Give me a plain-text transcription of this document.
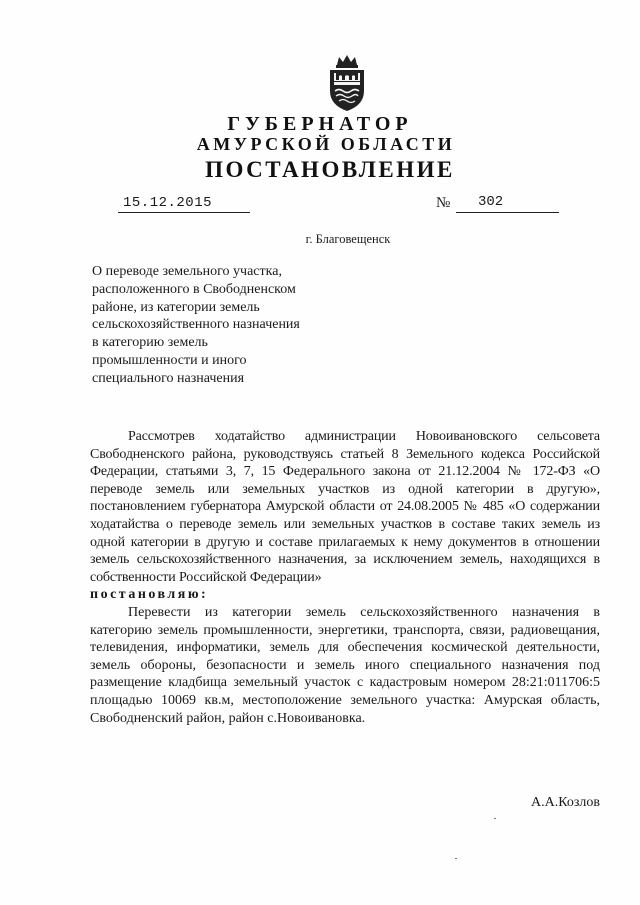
ГУБЕРНАТОР
АМУРСКОЙ ОБЛАСТИ
ПОСТАНОВЛЕНИЕ
15.12.2015	№ 302
г. Благовещенск
О переводе земельного участка,
расположенного в Свободненском
районе, из категории земель
сельскохозяйственного назначения
в категорию земель
промышленности и иного
специального назначения

Рассмотрев ходатайство администрации Новоивановского сельсовета Свободненского района, руководствуясь статьей 8 Земельного кодекса Российской Федерации, статьями 3, 7, 15 Федерального закона от 21.12.2004 № 172-ФЗ «О переводе земель или земельных участков из одной категории в другую», постановлением губернатора Амурской области от 24.08.2005 № 485 «О содержании ходатайства о переводе земель или земельных участков в составе таких земель из одной категории в другую и составе прилагаемых к нему документов в отношении земель сельскохозяйственного назначения, за исключением земель, находящихся в собственности Российской Федерации»

постановляю:

Перевести из категории земель сельскохозяйственного назначения в категорию земель промышленности, энергетики, транспорта, связи, радиовещания, телевидения, информатики, земель для обеспечения космической деятельности, земель обороны, безопасности и земель иного специального назначения под размещение кладбища земельный участок с кадастровым номером 28:21:011706:5 площадью 10069 кв.м, местоположение земельного участка: Амурская область, Свободненский район, район с.Новоивановка.

А.А.Козлов
